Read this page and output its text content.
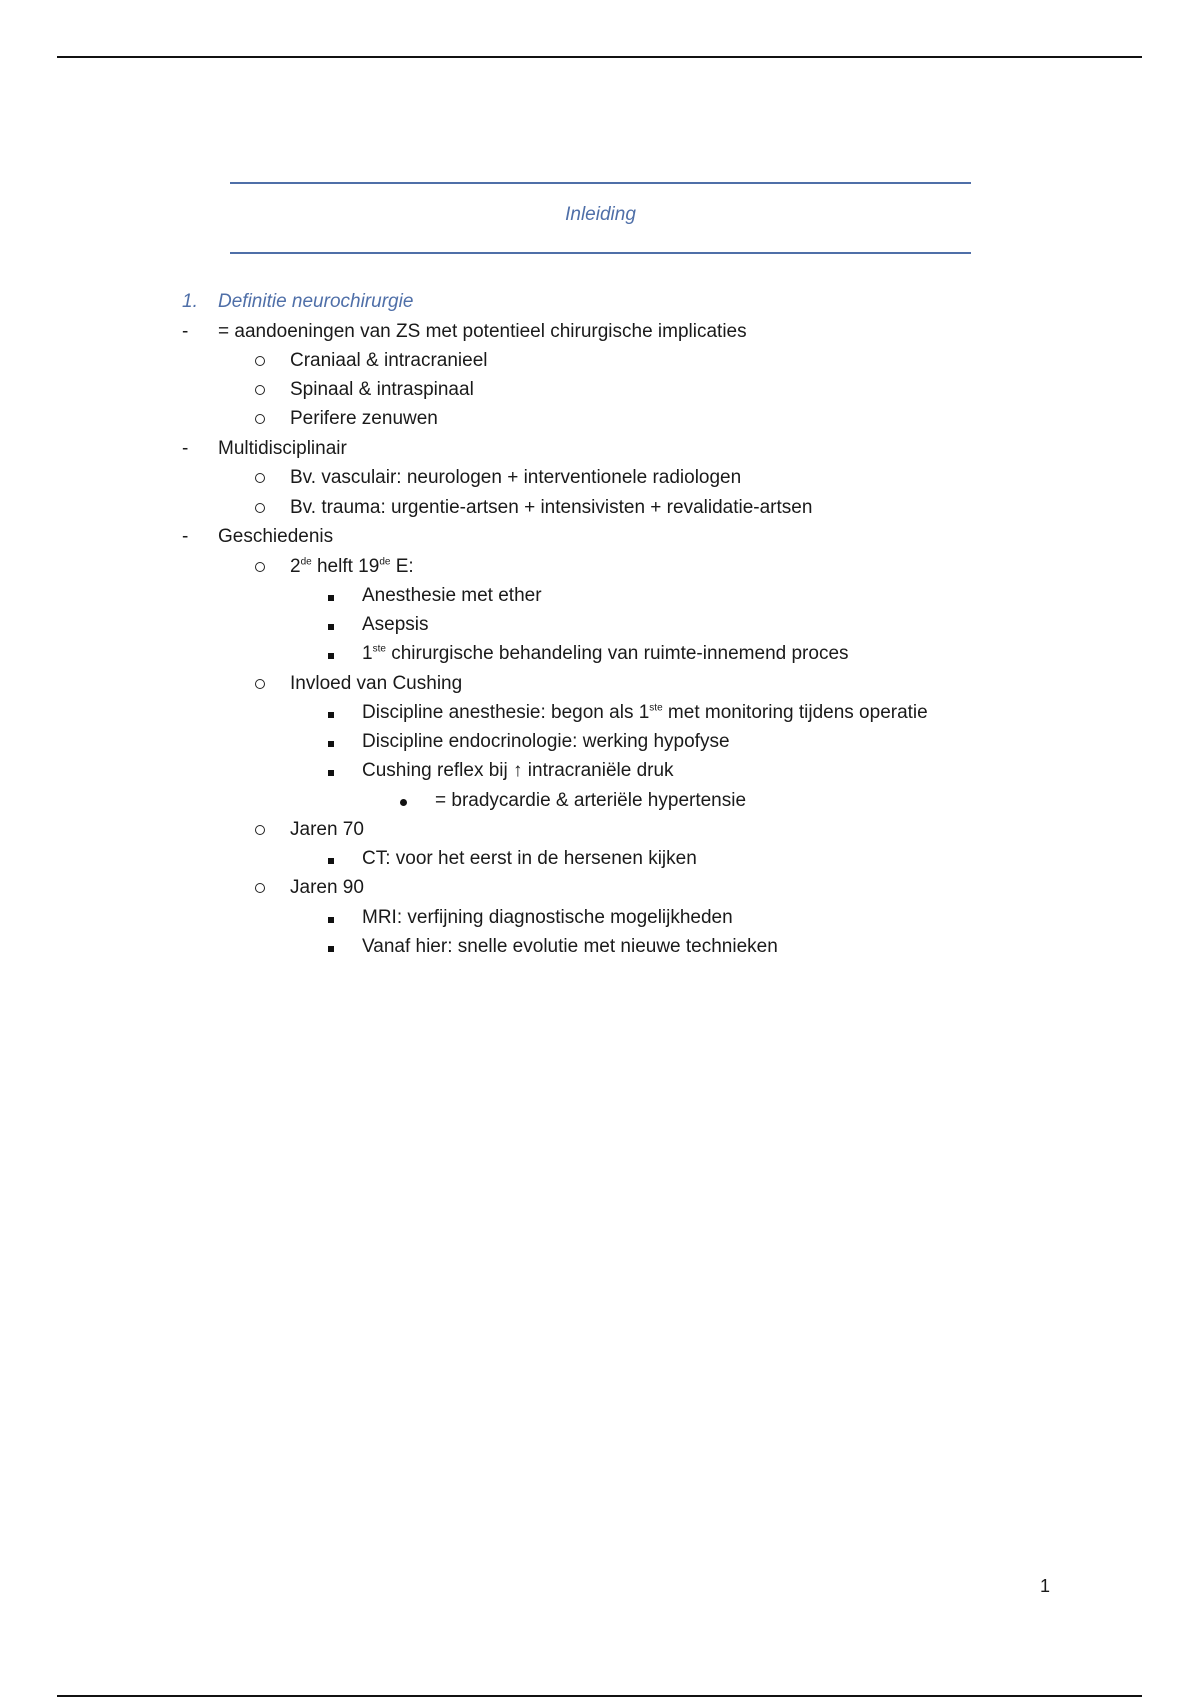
Inleiding
1. Definitie neurochirurgie
- = aandoeningen van ZS met potentieel chirurgische implicaties
Craniaal & intracranieel
Spinaal & intraspinaal
Perifere zenuwen
- Multidisciplinair
Bv. vasculair: neurologen + interventionele radiologen
Bv. trauma: urgentie-artsen + intensivisten + revalidatie-artsen
- Geschiedenis
2de helft 19de E:
Anesthesie met ether
Asepsis
1ste chirurgische behandeling van ruimte-innemend proces
Invloed van Cushing
Discipline anesthesie: begon als 1ste met monitoring tijdens operatie
Discipline endocrinologie: werking hypofyse
Cushing reflex bij ↑ intracraniële druk
= bradycardie & arteriële hypertensie
Jaren 70
CT: voor het eerst in de hersenen kijken
Jaren 90
MRI: verfijning diagnostische mogelijkheden
Vanaf hier: snelle evolutie met nieuwe technieken
1
